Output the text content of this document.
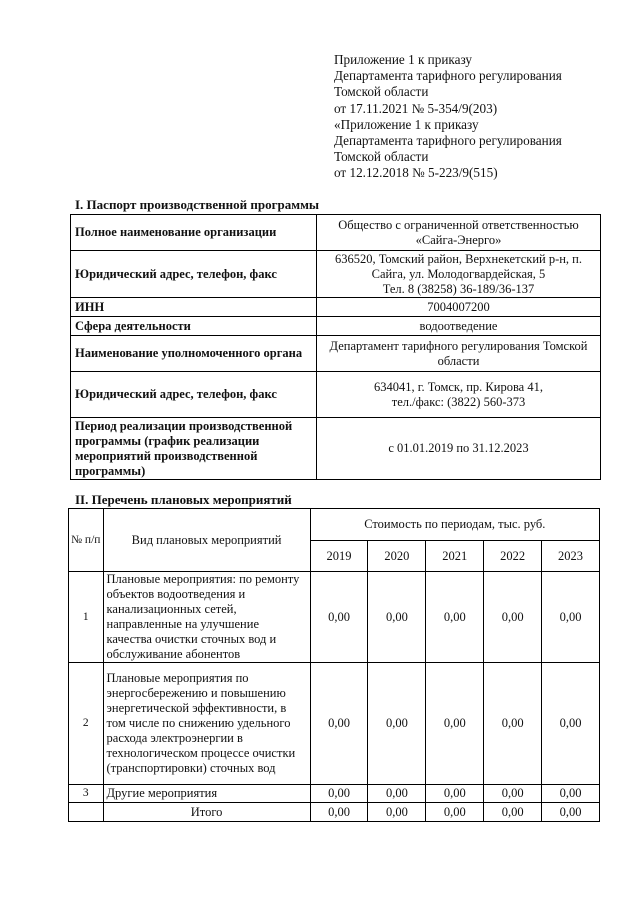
Приложение 1 к приказу
Департамента тарифного регулирования
Томской области
от 17.11.2021 № 5-354/9(203)
«Приложение 1 к приказу
Департамента тарифного регулирования
Томской области
от 12.12.2018 № 5-223/9(515)
I. Паспорт производственной программы
Полное наименование организации	Общество с ограниченной ответственностью
«Сайга-Энерго»

Юридический адрес, телефон, факс	636520, Томский район, Верхнекетский р-н, п.
Сайга, ул. Молодогвардейская, 5
Тел. 8 (38258) 36-189/36-137

ИНН	7004007200

Сфера деятельности	водоотведение

Наименование уполномоченного органа	Департамент тарифного регулирования Томской
области

Юридический адрес, телефон, факс	634041, г. Томск, пр. Кирова 41,
тел./факс: (3822) 560-373

Период реализации производственной программы (график реализации мероприятий производственной программы)	с 01.01.2019 по 31.12.2023
II. Перечень плановых мероприятий
№ п/п	Вид плановых мероприятий	Стоимость по периодам, тыс. руб.				
		2019	2020	2021	2022	2023
1	Плановые мероприятия: по ремонту объектов водоотведения и канализационных сетей, направленные на улучшение качества очистки сточных вод и обслуживание абонентов	0,00	0,00	0,00	0,00	0,00
2	Плановые мероприятия по энергосбережению и повышению энергетической эффективности, в том числе по снижению удельного расхода электроэнергии в технологическом процессе очистки (транспортировки) сточных вод	0,00	0,00	0,00	0,00	0,00
3	Другие мероприятия	0,00	0,00	0,00	0,00	0,00
	Итого	0,00	0,00	0,00	0,00	0,00
